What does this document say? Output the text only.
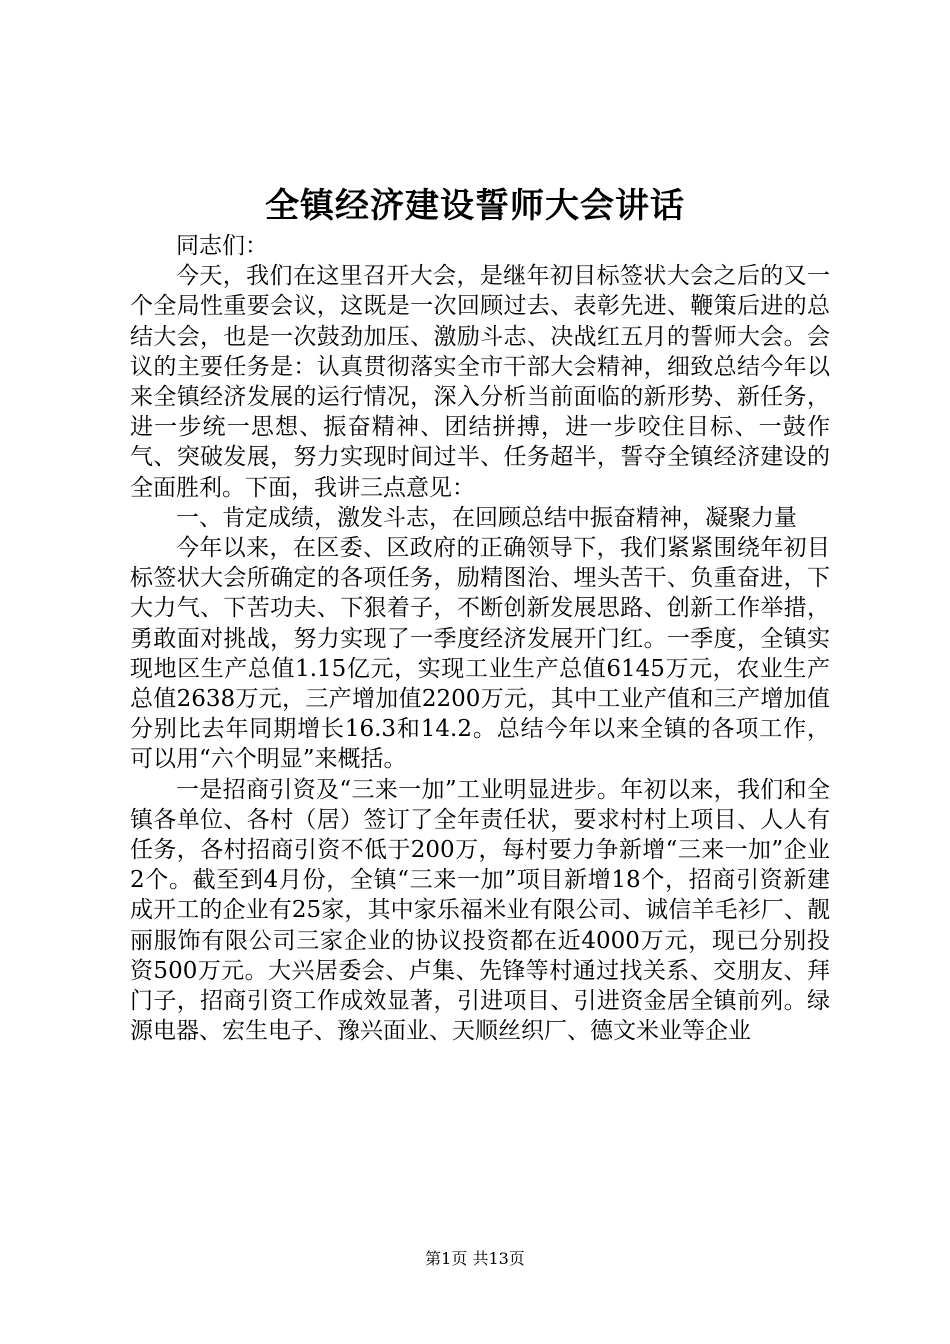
全镇经济建设誓师大会讲话

同志们：

今天，我们在这里召开大会，是继年初目标签状大会之后的又一个全局性重要会议，这既是一次回顾过去、表彰先进、鞭策后进的总结大会，也是一次鼓劲加压、激励斗志、决战红五月的誓师大会。会议的主要任务是：认真贯彻落实全市干部大会精神，细致总结今年以来全镇经济发展的运行情况，深入分析当前面临的新形势、新任务，进一步统一思想、振奋精神、团结拼搏，进一步咬住目标、一鼓作气、突破发展，努力实现时间过半、任务超半，誓夺全镇经济建设的全面胜利。下面，我讲三点意见：

一、肯定成绩，激发斗志，在回顾总结中振奋精神，凝聚力量

今年以来，在区委、区政府的正确领导下，我们紧紧围绕年初目标签状大会所确定的各项任务，励精图治、埋头苦干、负重奋进，下大力气、下苦功夫、下狠着子，不断创新发展思路、创新工作举措，勇敢面对挑战，努力实现了一季度经济发展开门红。一季度，全镇实现地区生产总值1.15亿元，实现工业生产总值6145万元，农业生产总值2638万元，三产增加值2200万元，其中工业产值和三产增加值分别比去年同期增长16.3和14.2。总结今年以来全镇的各项工作，可以用“六个明显”来概括。

一是招商引资及“三来一加”工业明显进步。年初以来，我们和全镇各单位、各村（居）签订了全年责任状，要求村村上项目、人人有任务，各村招商引资不低于200万，每村要力争新增“三来一加”企业2个。截至到4月份，全镇“三来一加”项目新增18个，招商引资新建成开工的企业有25家，其中家乐福米业有限公司、诚信羊毛衫厂、靓丽服饰有限公司三家企业的协议投资都在近4000万元，现已分别投资500万元。大兴居委会、卢集、先锋等村通过找关系、交朋友、拜门子，招商引资工作成效显著，引进项目、引进资金居全镇前列。绿源电器、宏生电子、豫兴面业、天顺丝织厂、德文米业等企业

第1页 共13页
